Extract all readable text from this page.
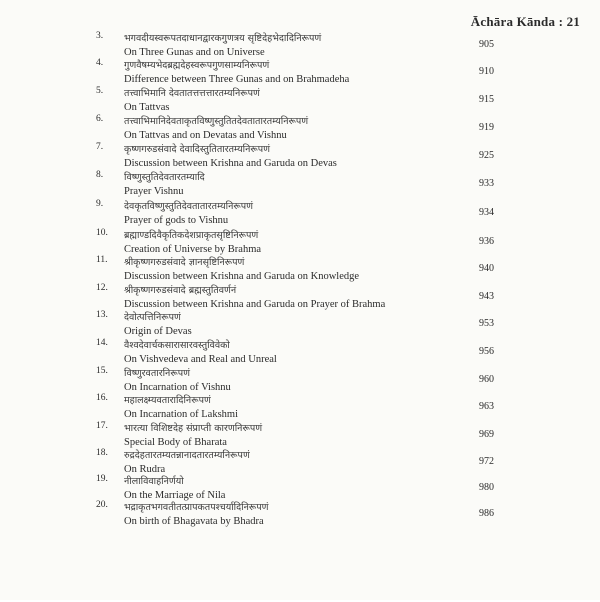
Āchāra Kānda : 21
3.	भगवदीयस्वरूपतदाधानद्वारकगुणत्रय सृष्टिदेहभेदादिनिरूपणं
On Three Gunas and on Universe
905
4.	गुणवैषम्यभेदब्रह्मदेहस्वरूपगुणसाम्यनिरूपणं
Difference between Three Gunas and on Brahmadeha
910
5.	तत्त्वाभिमानि देवतातत्तत्तत्तारतम्यनिरूपणं
On Tattvas
915
6.	तत्त्वाभिमानिदेवताकृतविष्णुस्तुतितदेवतातारतम्यनिरूपणं
On Tattvas and on Devatas and Vishnu
919
7.	कृष्णगरुडसंवादे देवादिस्तुतितारतम्यनिरूपणं
Discussion between Krishna and Garuda on Devas
925
8.	विष्णुस्तुतिदेवतारतम्यादि
Prayer Vishnu
933
9.	देवकृतविष्णुस्तुतिदेवतातारतम्यनिरूपणं
Prayer of gods to Vishnu
934
10.	ब्रह्माण्डदिवैकृतिकदेशप्राकृतसृष्टिनिरूपणं
Creation of Universe by Brahma
936
11.	श्रीकृष्णगरुडसंवादे ज्ञानसृष्टिनिरूपणं
Discussion between Krishna and Garuda on Knowledge
940
12.	श्रीकृष्णगरुडसंवादे ब्रह्मस्तुतिवर्णनं
Discussion between Krishna and Garuda on Prayer of Brahma
943
13.	देवोत्पत्तिनिरूपणं
Origin of Devas
953
14.	वैश्वदेवार्चकसारासारवस्तुविवेको
On Vishvedeva and Real and Unreal
956
15.	विष्णुरवतारनिरूपणं
On Incarnation of Vishnu
960
16.	महालक्ष्म्यवतारादिनिरूपणं
On Incarnation of Lakshmi
963
17.	भारत्या विशिष्टदेह संप्राप्ती कारणनिरूपणं
Special Body of Bharata
969
18.	रुद्रदेहतारतम्यतन्नानादतारतम्यनिरूपणं
On Rudra
972
19.	नीलाविवाहनिर्णयो
On the Marriage of Nila
980
20.	भद्राकृतभगवतीतत्प्रापकतपश्चर्यादिनिरूपणं
On birth of Bhagavata by Bhadra
986
